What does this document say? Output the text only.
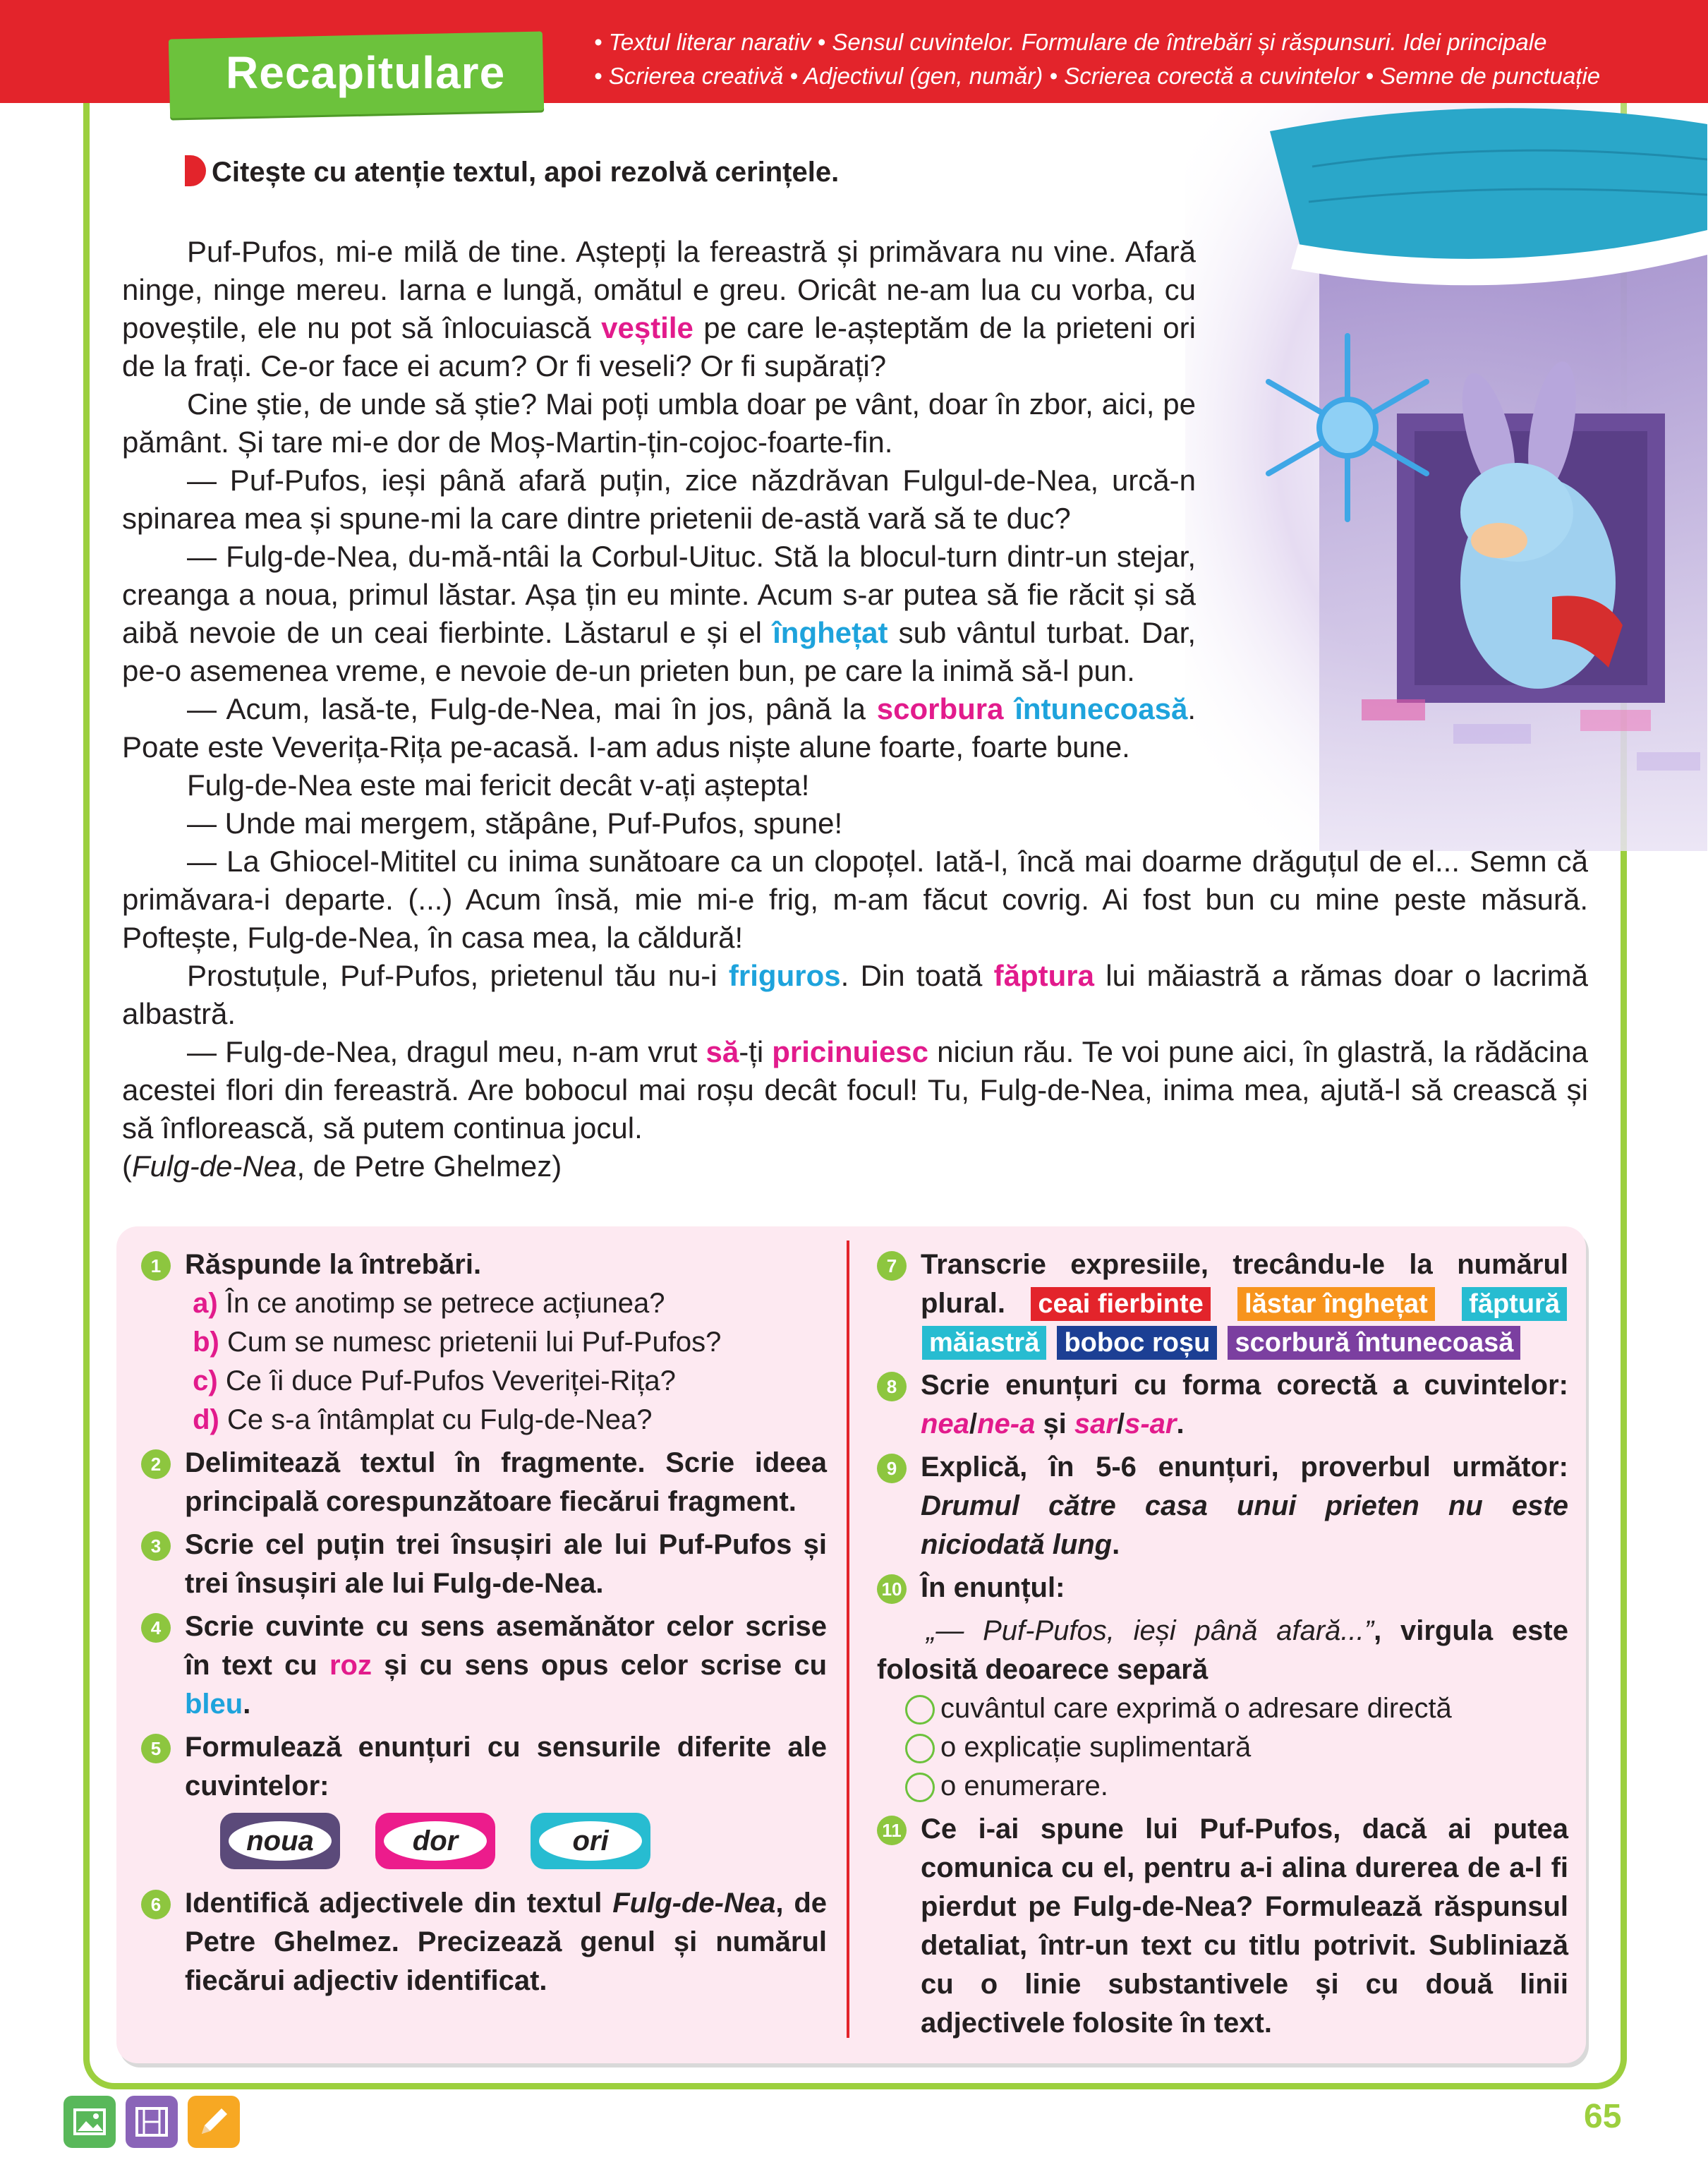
Recapitulare
• Textul literar narativ • Sensul cuvintelor. Formulare de întrebări și răspunsuri. Idei principale
• Scrierea creativă • Adjectivul (gen, număr) • Scrierea corectă a cuvintelor • Semne de punctuație
Citește cu atenție textul, apoi rezolvă cerințele.

Puf-Pufos, mi-e milă de tine. Aștepți la fereastră și primăvara nu vine. Afară ninge, ninge mereu. Iarna e lungă, omătul e greu. Oricât ne-am lua cu vorba, cu poveștile, ele nu pot să înlocuiască veștile pe care le-așteptăm de la prieteni ori de la frați. Ce-or face ei acum? Or fi veseli? Or fi supărați?

Cine știe, de unde să știe? Mai poți umbla doar pe vânt, doar în zbor, aici, pe pământ. Și tare mi-e dor de Moș-Martin-țin-cojoc-foarte-fin.

— Puf-Pufos, ieși până afară puțin, zice năzdrăvan Fulgul-de-Nea, urcă-n spinarea mea și spune-mi la care dintre prietenii de-astă vară să te duc?

— Fulg-de-Nea, du-mă-ntâi la Corbul-Uituc. Stă la blocul-turn dintr-un stejar, creanga a noua, primul lăstar. Așa țin eu minte. Acum s-ar putea să fie răcit și să aibă nevoie de un ceai fierbinte. Lăstarul e și el înghețat sub vântul turbat. Dar, pe-o asemenea vreme, e nevoie de-un prieten bun, pe care la inimă să-l pun.

— Acum, lasă-te, Fulg-de-Nea, mai în jos, până la scorbura întunecoasă. Poate este Veverița-Rița pe-acasă. I-am adus niște alune foarte, foarte bune.

Fulg-de-Nea este mai fericit decât v-ați aștepta!

— Unde mai mergem, stăpâne, Puf-Pufos, spune!

— La Ghiocel-Mititel cu inima sunătoare ca un clopoțel. Iată-l, încă mai doarme drăguțul de el... Semn că primăvara-i departe. (...) Acum însă, mie mi-e frig, m-am făcut covrig. Ai fost bun cu mine peste măsură. Poftește, Fulg-de-Nea, în casa mea, la căldură!

Prostuțule, Puf-Pufos, prietenul tău nu-i friguros. Din toată făptura lui măiastră a rămas doar o lacrimă albastră.

— Fulg-de-Nea, dragul meu, n-am vrut să-ți pricinuiesc niciun rău. Te voi pune aici, în glastră, la rădăcina acestei flori din fereastră. Are bobocul mai roșu decât focul! Tu, Fulg-de-Nea, inima mea, ajută-l să crească și să înflorească, să putem continua jocul.

(Fulg-de-Nea, de Petre Ghelmez)

1 Răspunde la întrebări.
a) În ce anotimp se petrece acțiunea?
b) Cum se numesc prietenii lui Puf-Pufos?
c) Ce îi duce Puf-Pufos Veveriței-Rița?
d) Ce s-a întâmplat cu Fulg-de-Nea?
2 Delimitează textul în fragmente. Scrie ideea principală corespunzătoare fiecărui fragment.
3 Scrie cel puțin trei însușiri ale lui Puf-Pufos și trei însușiri ale lui Fulg-de-Nea.
4 Scrie cuvinte cu sens asemănător celor scrise în text cu roz și cu sens opus celor scrise cu bleu.
5 Formulează enunțuri cu sensurile diferite ale cuvintelor:
noua	dor	ori
6 Identifică adjectivele din textul Fulg-de-Nea, de Petre Ghelmez. Precizează genul și numărul fiecărui adjectiv identificat.
7 Transcrie expresiile, trecându-le la numărul plural. ceai fierbinte lăstar înghețat făptură măiastră boboc roșu scorbură întunecoasă
8 Scrie enunțuri cu forma corectă a cuvintelor: nea/ne-a și sar/s-ar.
9 Explică, în 5-6 enunțuri, proverbul următor: Drumul către casa unui prieten nu este niciodată lung.
10 În enunțul:
„— Puf-Pufos, ieși până afară...”, virgula este folosită deoarece separă
cuvântul care exprimă o adresare directă
o explicație suplimentară
o enumerare.
11 Ce i-ai spune lui Puf-Pufos, dacă ai putea comunica cu el, pentru a-i alina durerea de a-l fi pierdut pe Fulg-de-Nea? Formulează răspunsul detaliat, într-un text cu titlu potrivit. Subliniază cu o linie substantivele și cu două linii adjectivele folosite în text.
65
